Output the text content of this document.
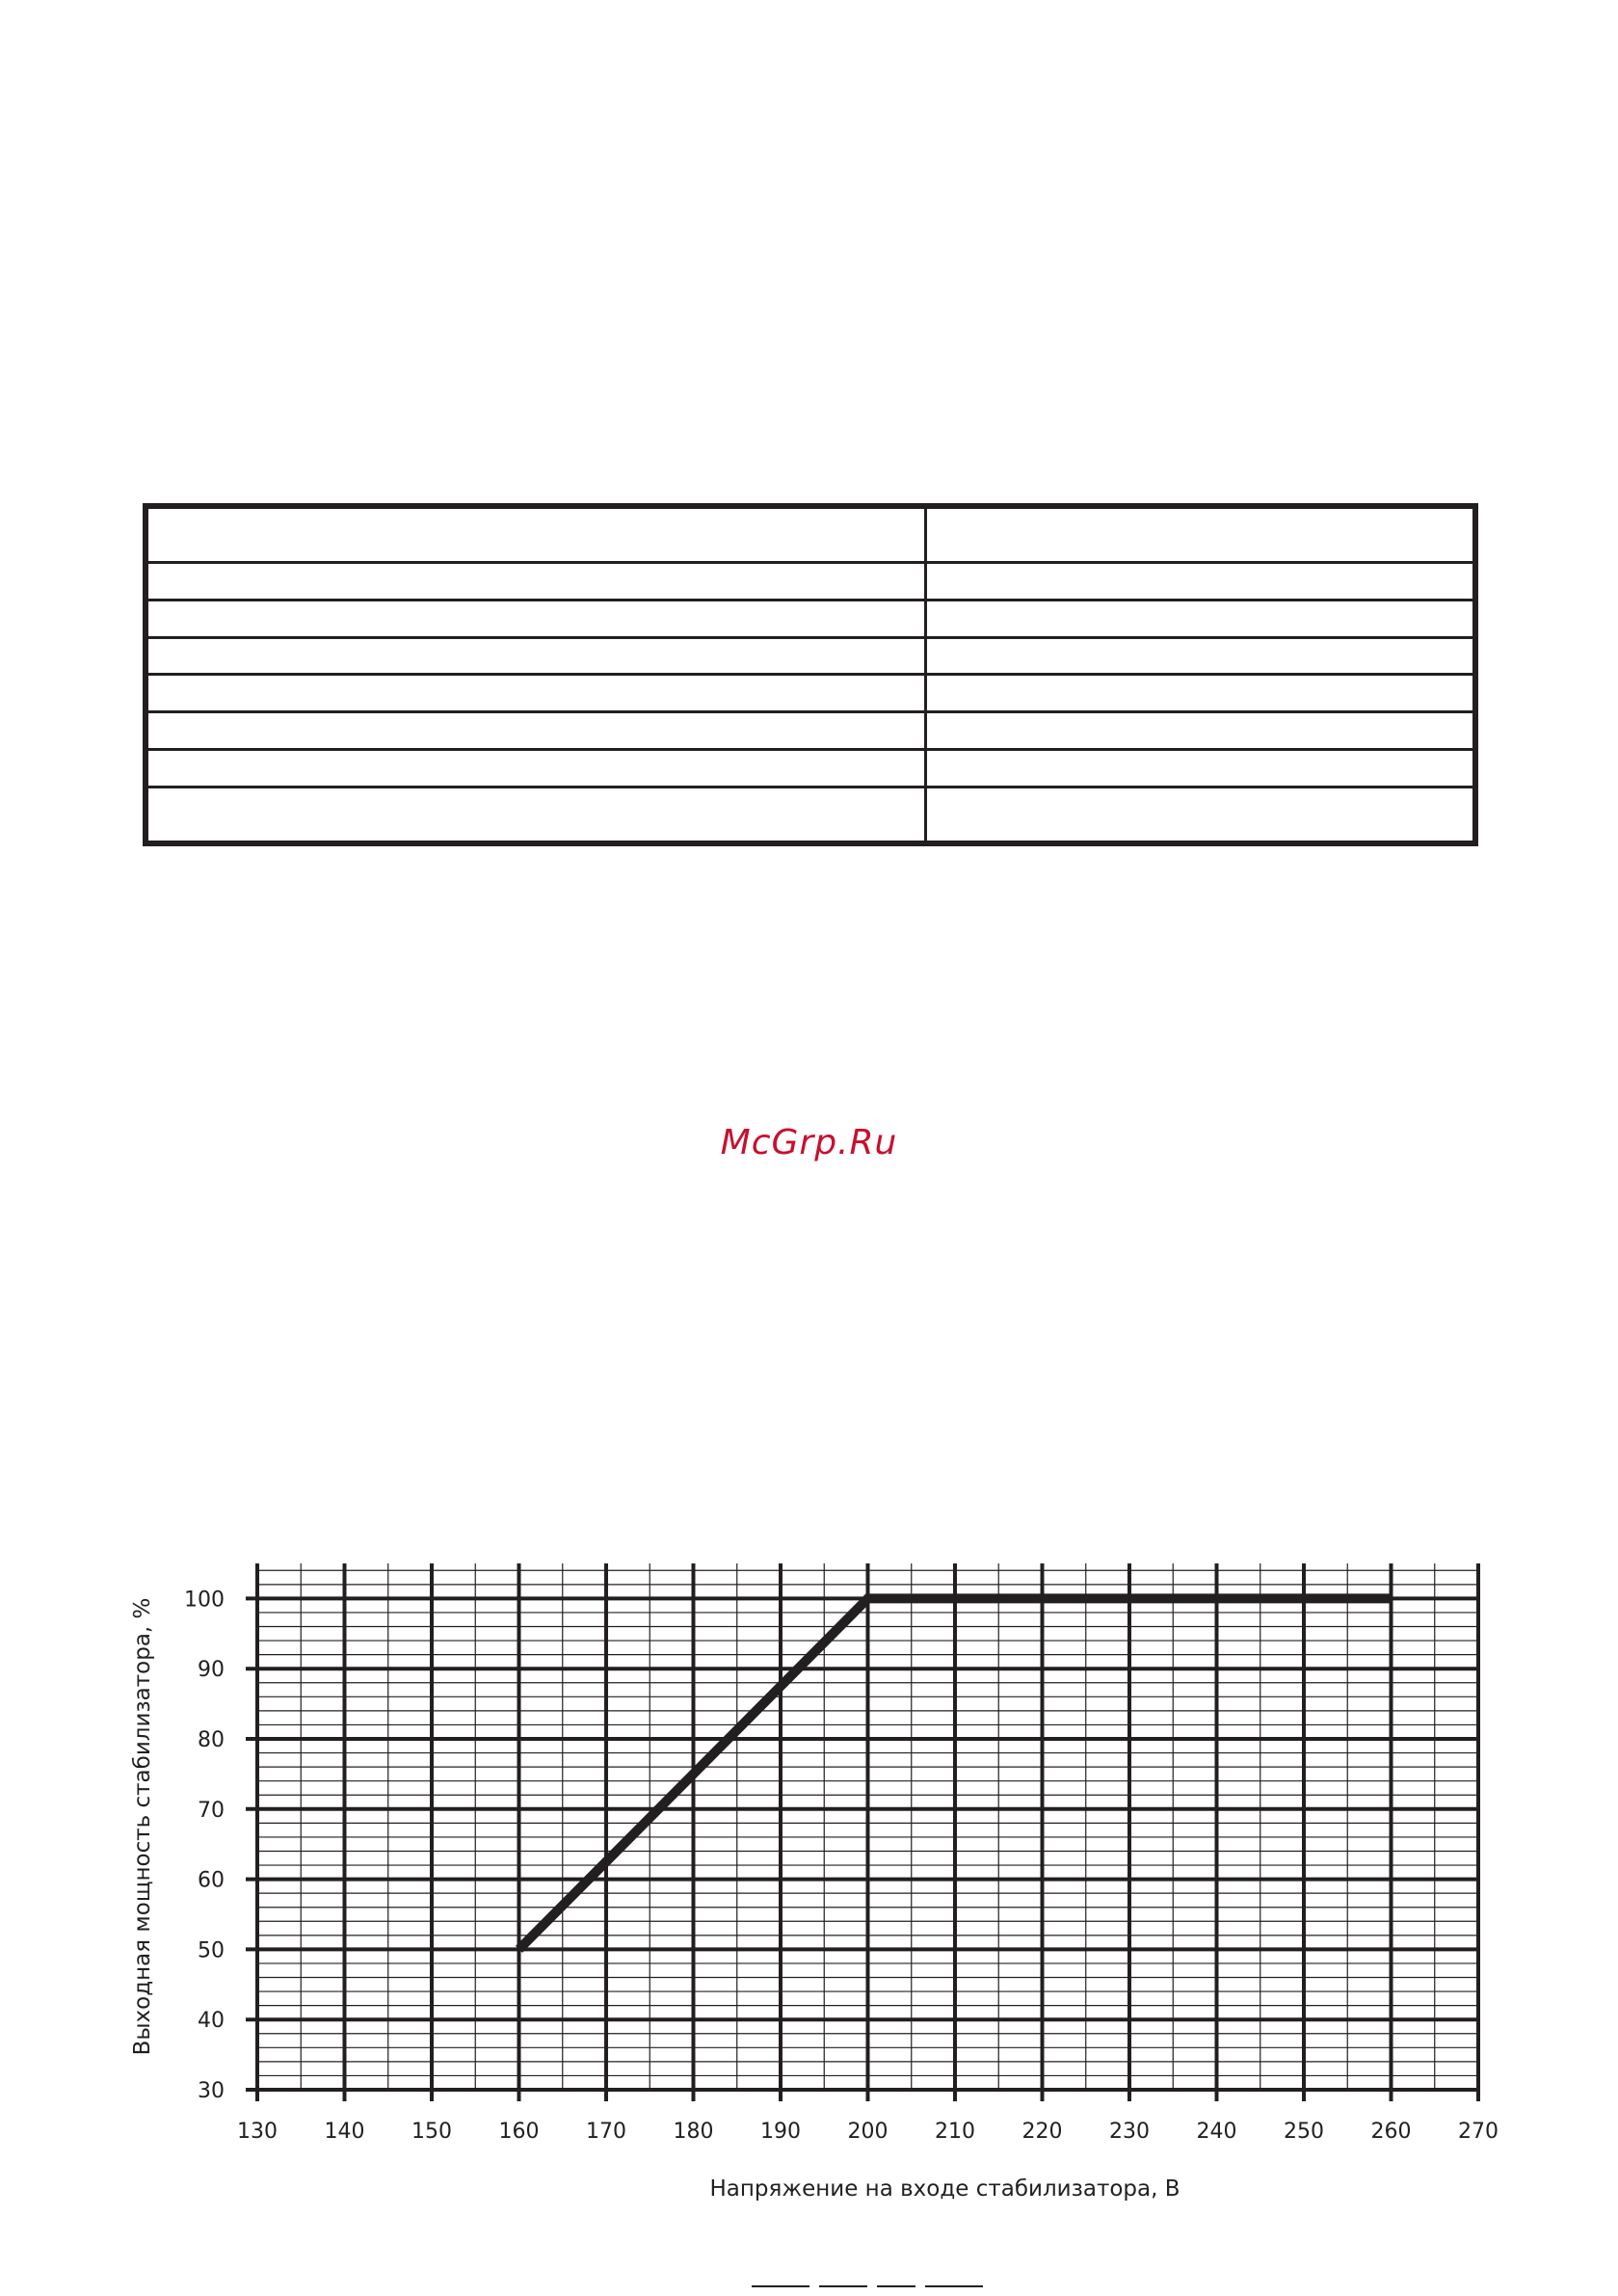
McGrp.Ru
130 140 150 160 170 180 190 200 210 220 230 240 250 260 270
30
40
50
60
70
80
90
100
Напряжение на входе стабилизатора, В
Выходная мощность стабилизатора, %
